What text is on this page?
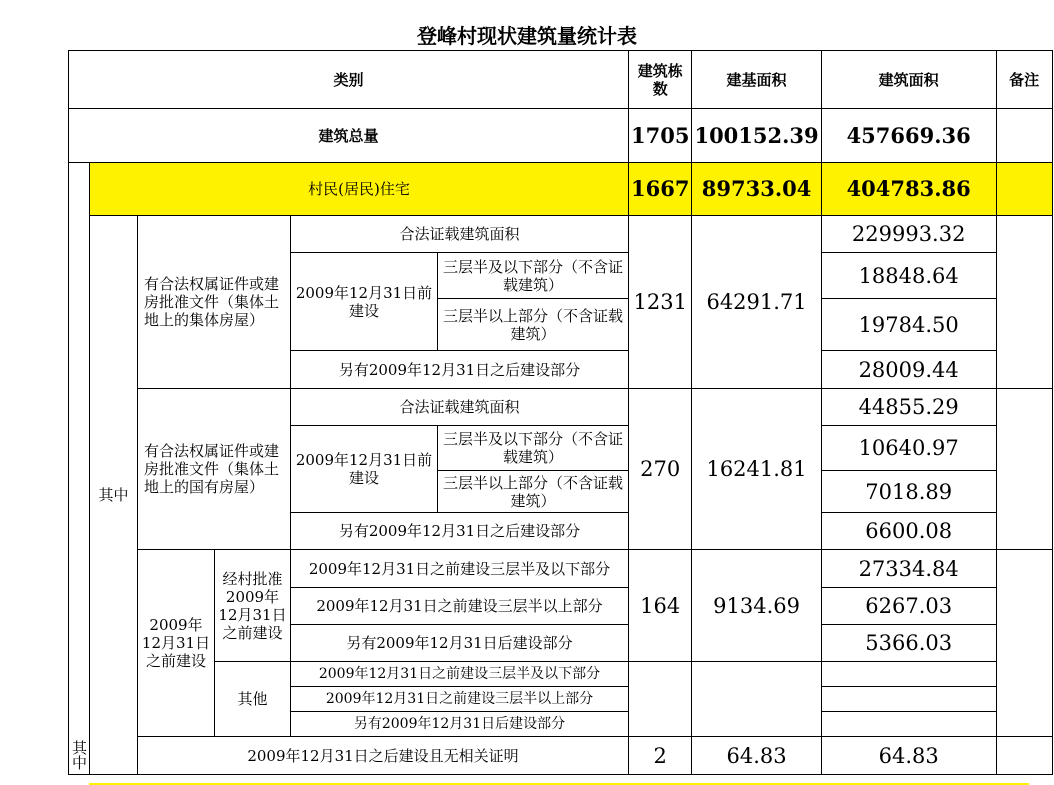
登峰村现状建筑量统计表
类别						建筑栋数	建基面积	建筑面积	备注
建筑总量						1705	100152.39	457669.36	
其中	村民(居民)住宅					1667	89733.04	404783.86	
	其中	有合法权属证件或建房批准文件（集体土地上的集体房屋）		合法证载建筑面积		1231	64291.71	229993.32	
				2009年12月31日前建设	三层半及以下部分（不含证载建筑）			18848.64	
					三层半以上部分（不含证载建筑）			19784.50	
				另有2009年12月31日之后建设部分				28009.44	
		有合法权属证件或建房批准文件（集体土地上的国有房屋）		合法证载建筑面积		270	16241.81	44855.29	
				2009年12月31日前建设	三层半及以下部分（不含证载建筑）			10640.97	
					三层半以上部分（不含证载建筑）			7018.89	
				另有2009年12月31日之后建设部分				6600.08	
		2009年12月31日之前建设	经村批准2009年12月31日之前建设	2009年12月31日之前建设三层半及以下部分		164	9134.69	27334.84	
				2009年12月31日之前建设三层半以上部分				6267.03	
				另有2009年12月31日后建设部分				5366.03	
			其他	2009年12月31日之前建设三层半及以下部分					
				2009年12月31日之前建设三层半以上部分					
				另有2009年12月31日后建设部分					
		2009年12月31日之后建设且无相关证明				2	64.83	64.83	
